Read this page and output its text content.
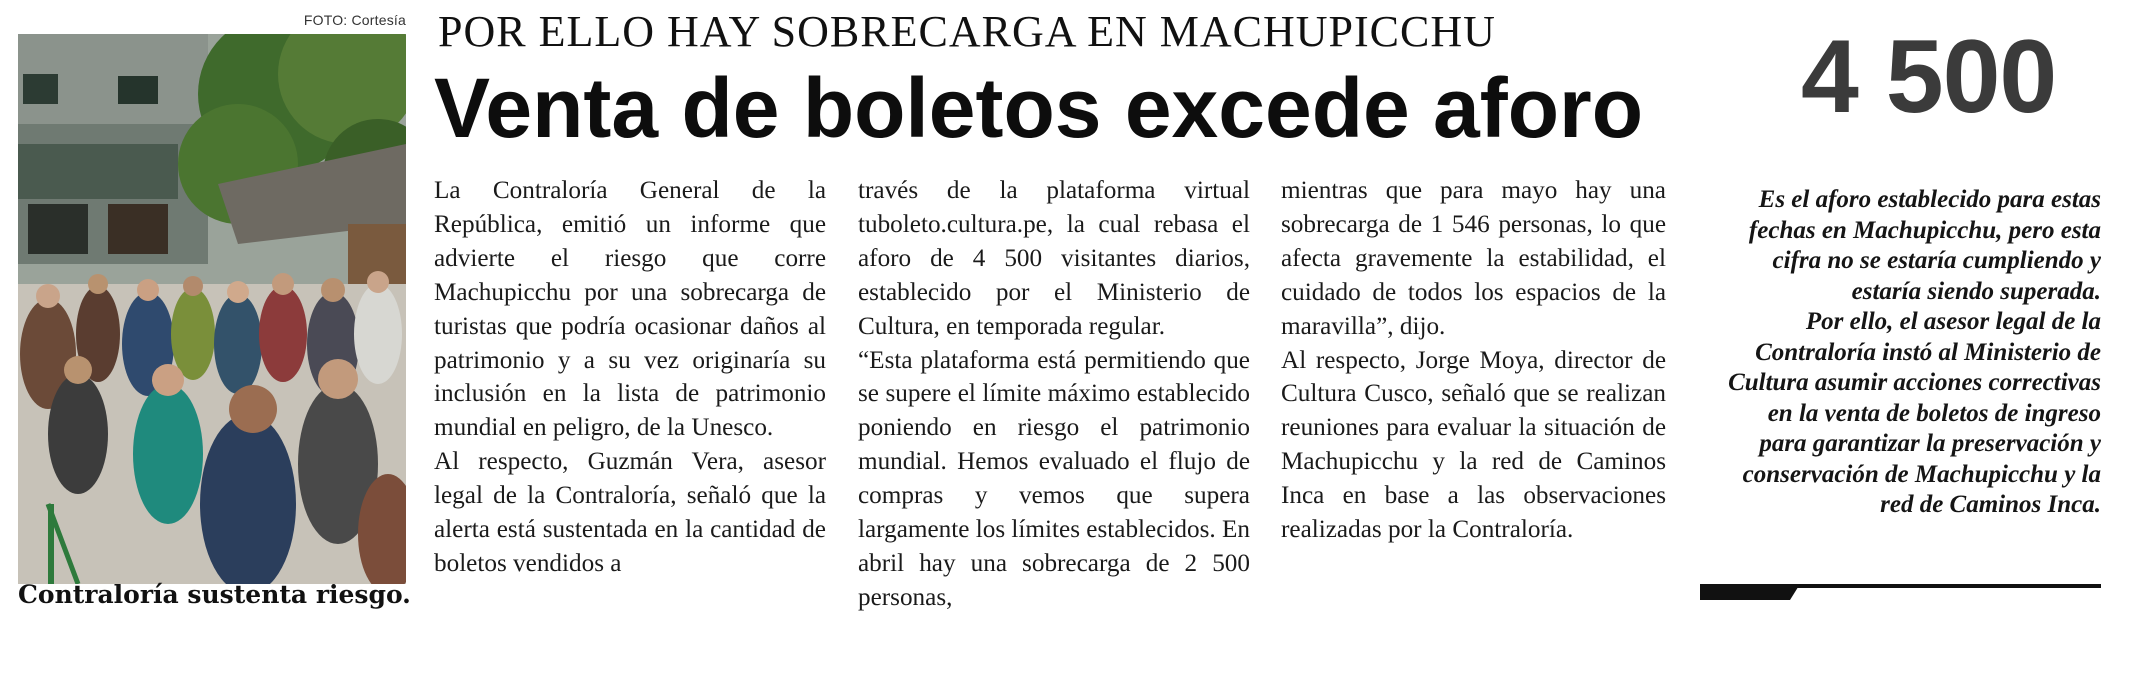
FOTO: Cortesía
Contraloría sustenta riesgo.
POR ELLO HAY SOBRECARGA EN MACHUPICCHU
Venta de boletos excede aforo

La Contraloría General de la República, emitió un informe que advierte el riesgo que corre Machupicchu por una sobrecarga de turistas que podría ocasionar daños al patrimonio y a su vez originaría su inclusión en la lista de patrimonio mundial en peligro, de la Unesco.

Al respecto, Guzmán Vera, asesor legal de la Contraloría, señaló que la alerta está sustentada en la cantidad de boletos vendidos a

través de la plataforma virtual tuboleto.cultura.pe, la cual rebasa el aforo de 4 500 visitantes diarios, establecido por el Ministerio de Cultura, en temporada regular.

“Esta plataforma está permitiendo que se supere el límite máximo establecido poniendo en riesgo el patrimonio mundial. Hemos evaluado el flujo de compras y vemos que supera largamente los límites establecidos. En abril hay una sobrecarga de 2 500 personas,

mientras que para mayo hay una sobrecarga de 1 546 personas, lo que afecta gravemente la estabilidad, el cuidado de todos los espacios de la maravilla”, dijo.

Al respecto, Jorge Moya, director de Cultura Cusco, señaló que se realizan reuniones para evaluar la situación de Machupicchu y la red de Caminos Inca en base a las observaciones realizadas por la Contraloría.

4 500

Es el aforo establecido para estas fechas en Machupicchu, pero esta cifra no se estaría cumpliendo y estaría siendo superada.

Por ello, el asesor legal de la Contraloría instó al Ministerio de Cultura asumir acciones correctivas en la venta de boletos de ingreso para garantizar la preservación y conservación de Machupicchu y la red de Caminos Inca.
